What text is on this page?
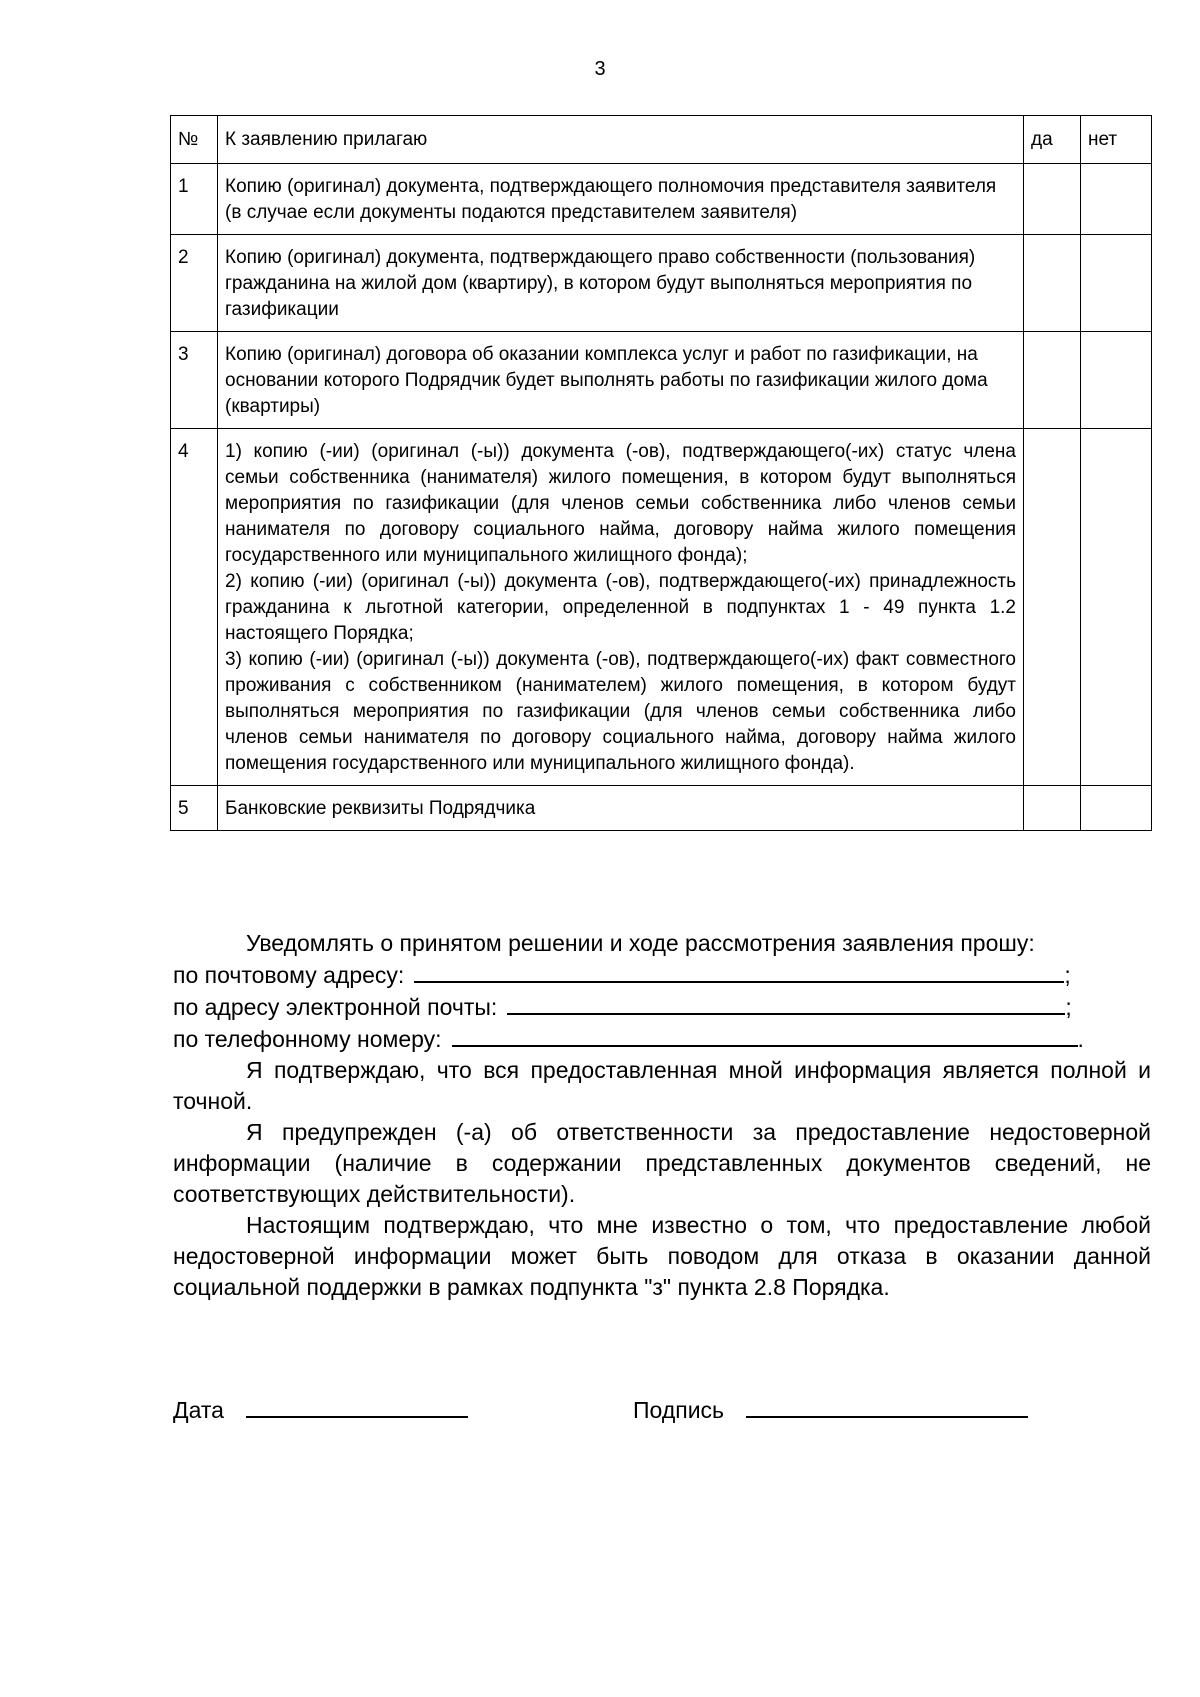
3
№	К заявлению прилагаю	да	нет
1	Копию (оригинал) документа, подтверждающего полномочия представителя заявителя (в случае если документы подаются представителем заявителя)		
2	Копию (оригинал) документа, подтверждающего право собственности (пользования) гражданина на жилой дом (квартиру), в котором будут выполняться мероприятия по газификации		
3	Копию (оригинал) договора об оказании комплекса услуг и работ по газификации, на основании которого Подрядчик будет выполнять работы по газификации жилого дома (квартиры)		
4	1) копию (-ии) (оригинал (-ы)) документа (-ов), подтверждающего(-их) статус члена семьи собственника (нанимателя) жилого помещения, в котором будут выполняться мероприятия по газификации (для членов семьи собственника либо членов семьи нанимателя по договору социального найма, договору найма жилого помещения государственного или муниципального жилищного фонда);
2) копию (-ии) (оригинал (-ы)) документа (-ов), подтверждающего(-их) принадлежность гражданина к льготной категории, определенной в подпунктах 1 - 49 пункта 1.2 настоящего Порядка;
3) копию (-ии) (оригинал (-ы)) документа (-ов), подтверждающего(-их) факт совместного проживания с собственником (нанимателем) жилого помещения, в котором будут выполняться мероприятия по газификации (для членов семьи собственника либо членов семьи нанимателя по договору социального найма, договору найма жилого помещения государственного или муниципального жилищного фонда).		

5	Банковские реквизиты Подрядчика		
Уведомлять о принятом решении и ходе рассмотрения заявления прошу:
по почтовому адресу:	;
по адресу электронной почты:	;
по телефонному номеру:	.
Я подтверждаю, что вся предоставленная мной информация является полной и точной.
Я предупрежден (-а) об ответственности за предоставление недостоверной информации (наличие в содержании представленных документов сведений, не соответствующих действительности).
Настоящим подтверждаю, что мне известно о том, что предоставление любой недостоверной информации может быть поводом для отказа в оказании данной социальной поддержки в рамках подпункта "з" пункта 2.8 Порядка.
Дата	Подпись
